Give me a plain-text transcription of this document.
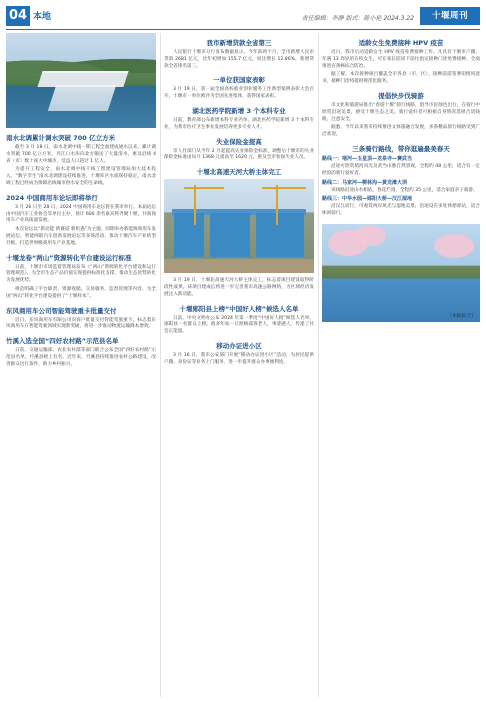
04 本地	责任编辑：李静 版式：陈小艳 2024.3.22	十堰周刊
南水北调累计调水突破 700 亿立方米
截至 3 月 18 日，南水北调中线一期工程全面建成通水以来，累计调水突破 700 亿立方米，丹江口水库向北方输送了大量清水，惠及沿线 4 省（市）数十座大中城市，受益人口超过 1 亿人。
为提升工程安全，南水北调中线干线工程建设管理局加大技术投入，“数字孪生”南水北调建设持续推进，十堰库区水质保持稳定。南水北调工程已经成为保障沿线城市供水安全的生命线。
2024 中国商用车论坛即将举行
3 月 26 日至 28 日，2024 中国商用车论坛将在我市举行。本届论坛由中国汽车工业协会等单位主办，预计 600 余名嘉宾将齐聚十堰，共商商用车产业高质量发展。
本次论坛以“新动能 新赛道 新机遇”为主题，同期举办新能源商用车发展论坛、智能网联汽车创新发展论坛等多场活动，推动十堰汽车产业转型升级，打造世界级商用车产业基地。
十堰龙卷“两山”资源转化平台建设运行标准
日前，十堰市市场监督管理局发布《“两山”资源转化平台建设和运行管理规范》，为全市生态产品价值实现提供标准化支撑，推动生态优势转化为发展优势。
规范明确了平台职责、资源收储、交易服务、监督管理等内容，为全国“两山”转化平台建设提供了“十堰样本”。
东风商用车公司智能驾驶重卡批量交付
近日，东风商用车有限公司向客户批量交付智能驾驶重卡，标志着东风商用车在智能驾驶领域实现新突破，将进一步推动物流运输降本增效。
竹溪入选全国“四好农村路”示范县名单
日前，交通运输部、农业农村部等部门联合公布全国“四好农村路”示范县名单，竹溪县榜上有名。近年来，竹溪县持续推进农村公路建设，改善群众出行条件，助力乡村振兴。
我市新增贷款全省第三
人民银行十堰市分行发布数据显示，今年前两个月，全市新增人民币贷款 2681 亿元，比年初增加 155.7 亿元，同比增长 12.86%，新增贷款全省排名第三。
一单位获国家表彰
3 月 19 日，第一届全国高校就业创业服务工作典型案例表彰大会召开，十堰市一单位被评为全国先进集体，获得国家表彰。
湖北医药学院新增 3 个本科专业
日前，教育部公布新增本科专业名单，湖北医药学院新增 3 个本科专业，为我市医疗卫生事业发展培养更多专业人才。
失业保险金提高
市人社部门从今年 2 月起提高失业保险金标准，调整后十堰市的失业保险金标准由每月 1368 元提高至 1620 元，惠及全市参保失业人员。
十堰北高速天河大桥主体完工
3 月 19 日，十堰北高速天河大桥主体完工，标志着项目建设取得阶段性成果。该项目建成后将进一步完善我市高速公路网络，为区域经济发展注入新动能。
十堰郧阳县上榜“中国好人榜”候选人名单
日前，中央文明办公布 2024 年第一季度“中国好人榜”候选人名单，郧阳县一名群众上榜。他多年如一日照顾孤寡老人，事迹感人，传递了社会正能量。
移动办证进小区
3 月 16 日，我市公安部门开展“移动办证进小区”活动，为居民提供户籍、身份证等业务上门服务，进一步提升群众办事便利度。
适龄女生免费接种 HPV 疫苗
近日，我市启动适龄女生 HPV 疫苗免费接种工作。凡具有十堰市户籍、年满 13 周岁的在校女生，可在家长陪同下前往指定接种门诊免费接种，全面推进宫颈癌综合防治。
据了解，本次接种项目覆盖全市各县（市、区），接种前需签署知情同意书，接种门诊将提供规范化服务。
提倡快步伐骑游
市文化和旅游局推出“春游十堰”骑行线路，倡导市民绿色出行，在骑行中欣赏沿途美景，感受十堰生态之美。骑行爱好者可根据自身情况选择合适线路，注意安全。
据悉，今年以来我市持续推进文体旅融合发展，多条精品骑行线路受到广泛欢迎。
三条骑行路线，带你逛遍最美春天
路线一：堵河—玉皇顶—龙泉寺—赛武当
沿途可欣赏堵河风光及武当山脉自然景观，全程约 48 公里，适合有一定经验的骑行爱好者。
路线二：马家河—柳林沟—黄龙滩大坝
该线路沿途山水相依，春花烂漫，全程约 35 公里，适合家庭亲子骑游。
路线三：中华水园—郧阳大桥—汉江湿地
沿汉江而行，可观赏两岸风光与湿地美景，沿途设有多处休憩驿站，适合休闲骑行。
（本报综合）
